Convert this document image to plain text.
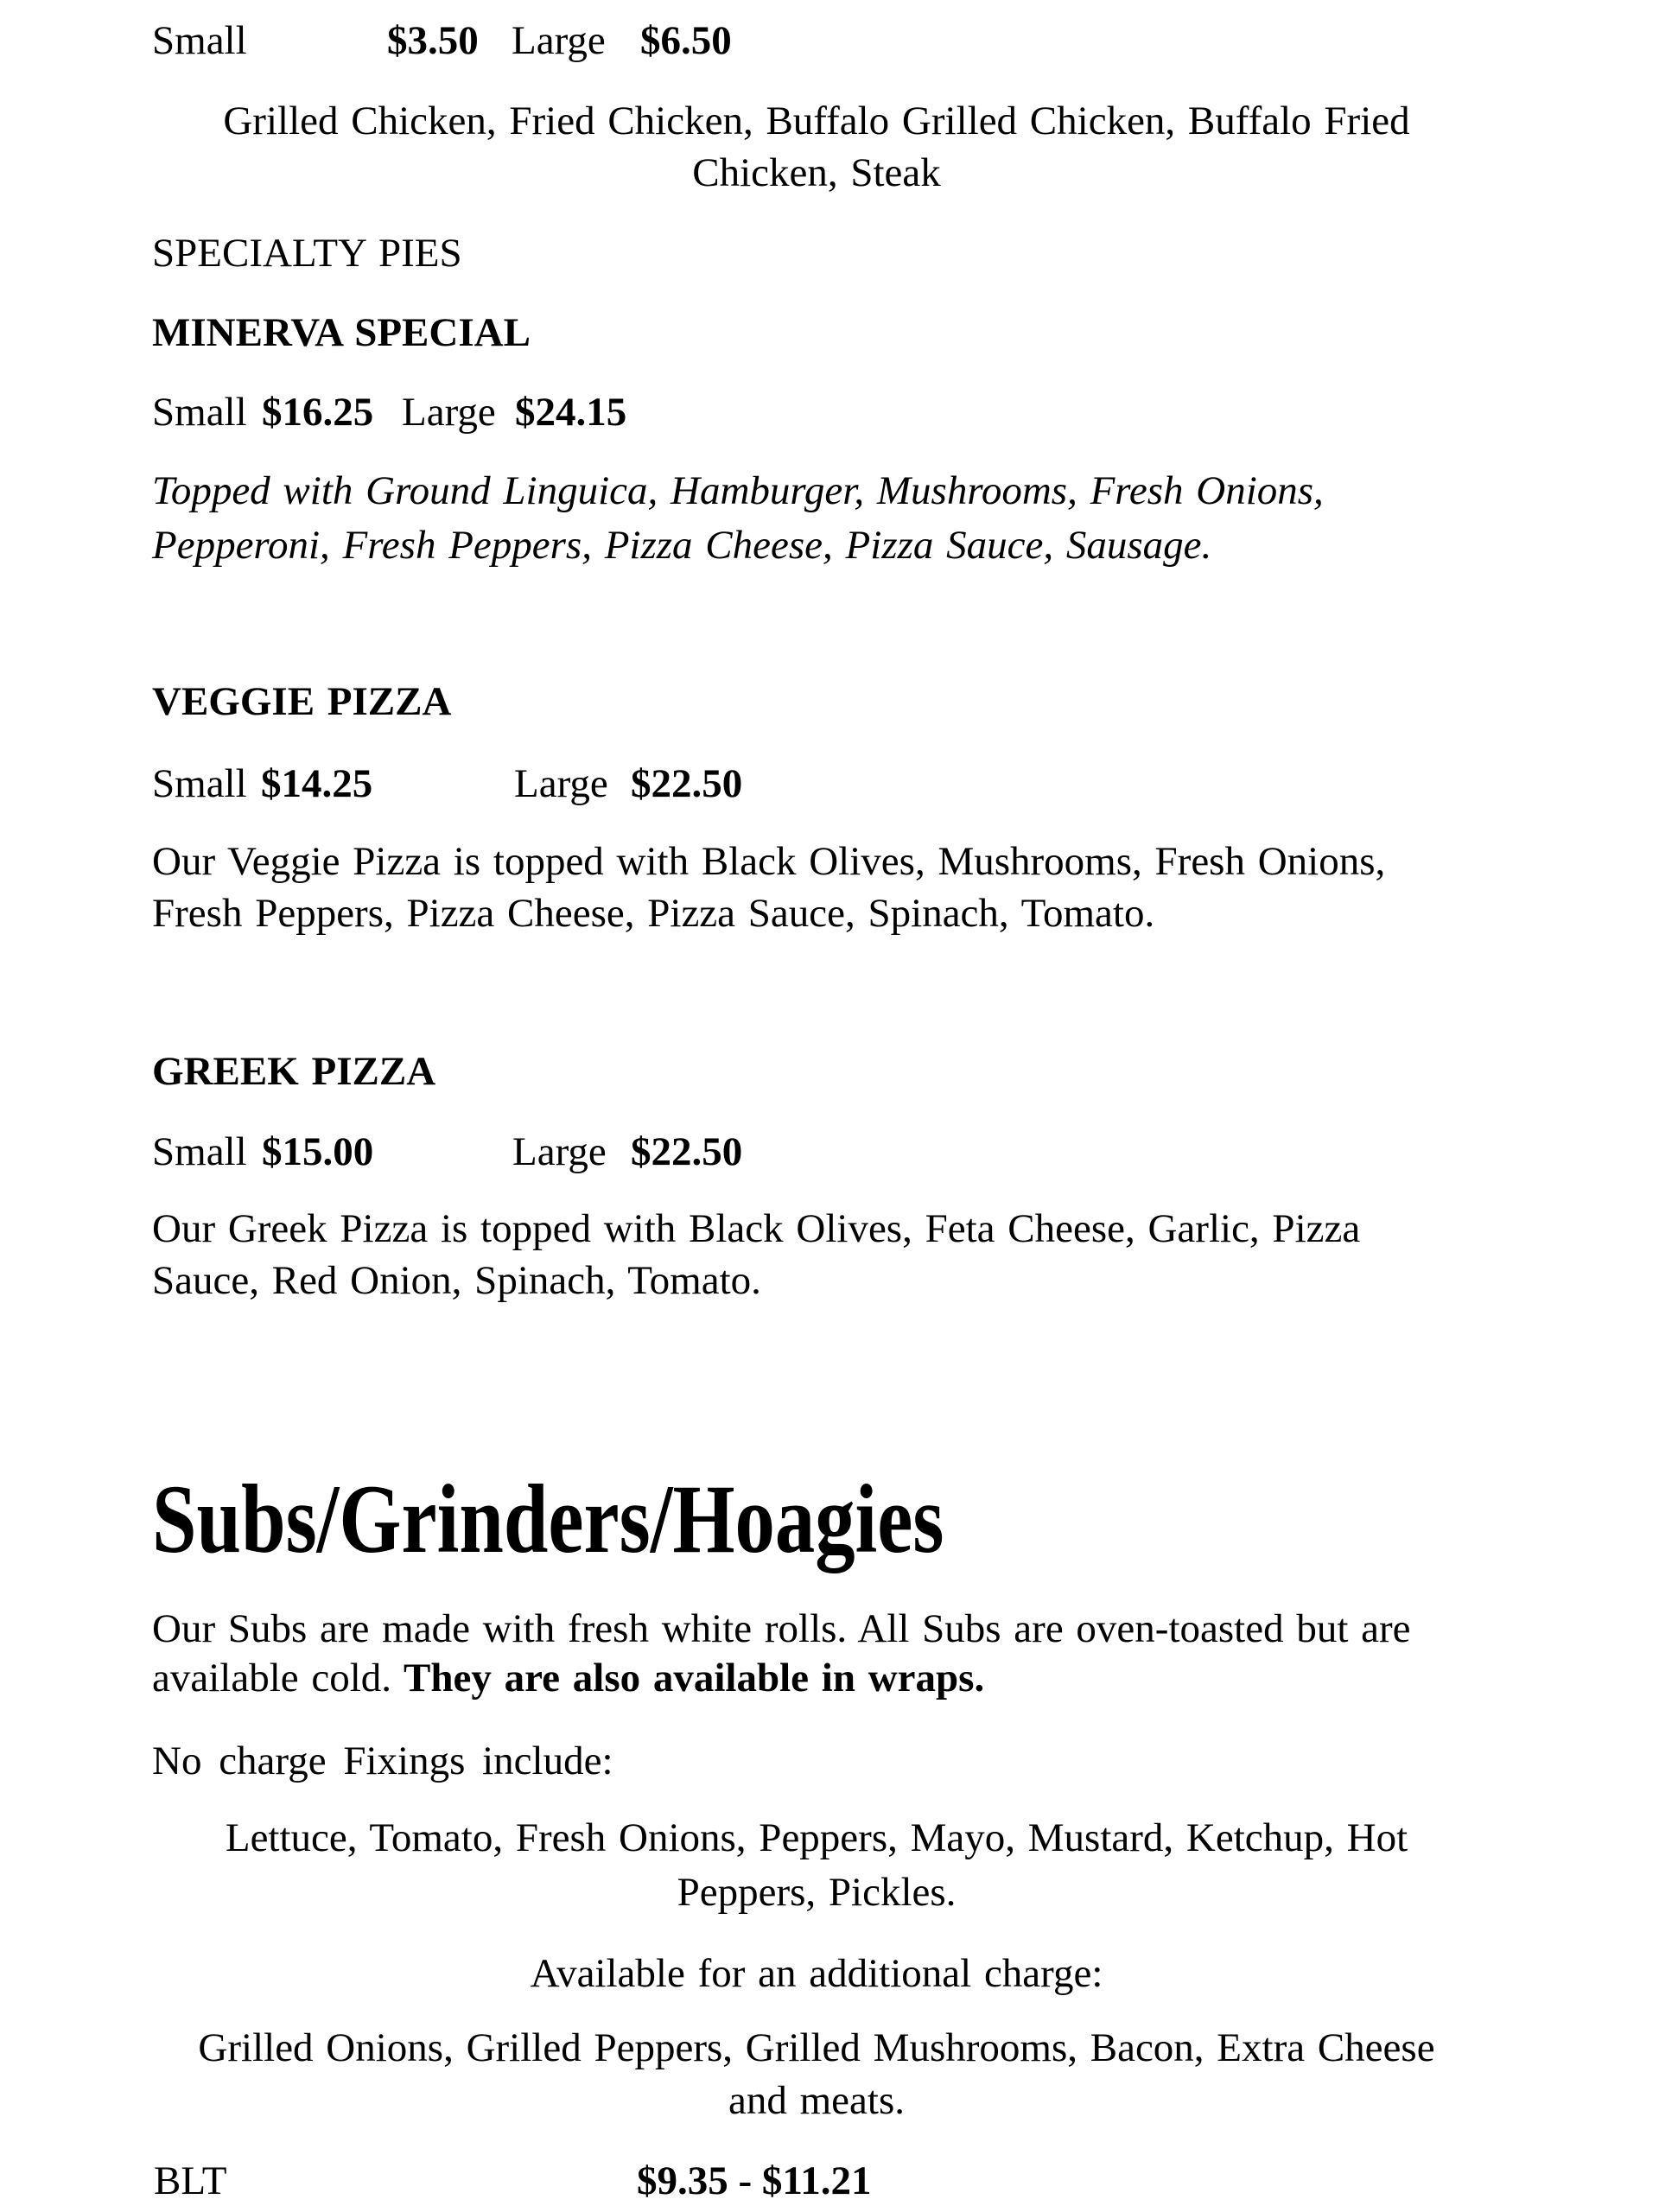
Small	$3.50 Large $6.50
Grilled Chicken, Fried Chicken, Buffalo Grilled Chicken, Buffalo Fried
Chicken, Steak
SPECIALTY PIES
MINERVA SPECIAL
Small $16.25 Large $24.15
Topped with Ground Linguica, Hamburger, Mushrooms, Fresh Onions,
Pepperoni, Fresh Peppers, Pizza Cheese, Pizza Sauce, Sausage.
VEGGIE PIZZA
Small $14.25	Large $22.50
Our Veggie Pizza is topped with Black Olives, Mushrooms, Fresh Onions,
Fresh Peppers, Pizza Cheese, Pizza Sauce, Spinach, Tomato.
GREEK PIZZA
Small $15.00	Large $22.50
Our Greek Pizza is topped with Black Olives, Feta Cheese, Garlic, Pizza
Sauce, Red Onion, Spinach, Tomato.
Subs/Grinders/Hoagies
Our Subs are made with fresh white rolls. All Subs are oven-toasted but are
available cold. They are also available in wraps.
No charge Fixings include:
Lettuce, Tomato, Fresh Onions, Peppers, Mayo, Mustard, Ketchup, Hot
Peppers, Pickles.
Available for an additional charge:
Grilled Onions, Grilled Peppers, Grilled Mushrooms, Bacon, Extra Cheese
and meats.
BLT	$9.35 - $11.21
